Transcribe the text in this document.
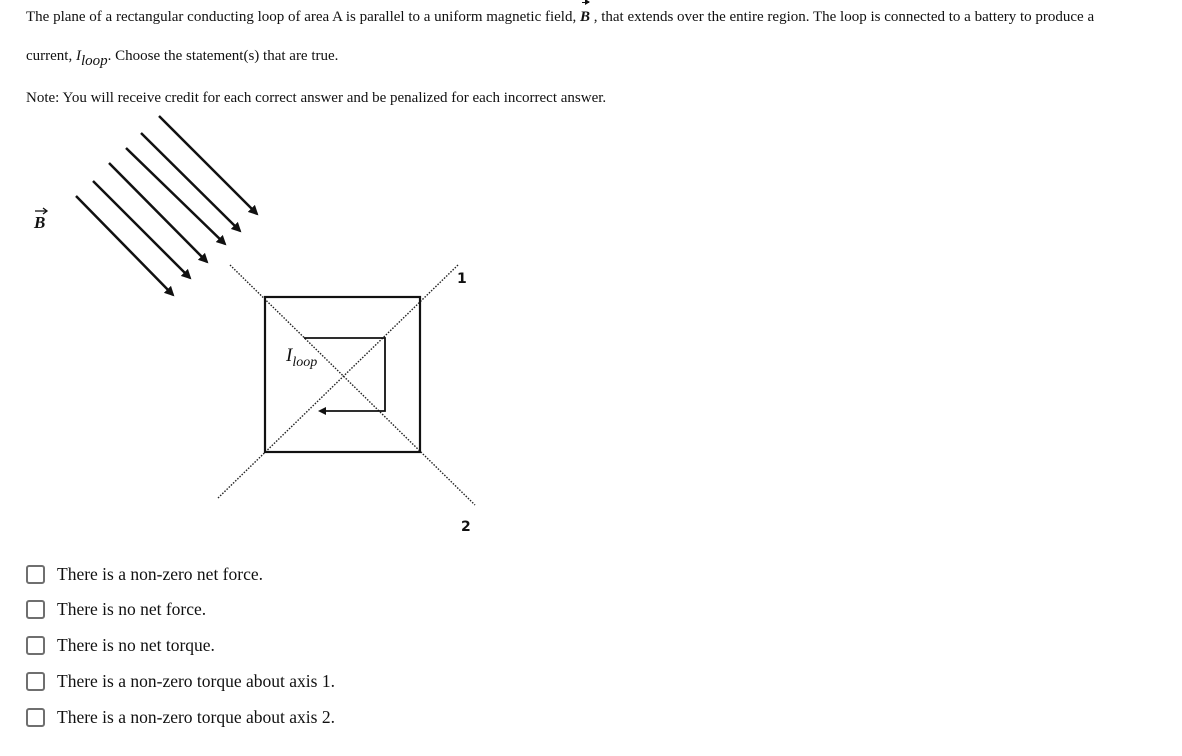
The plane of a rectangular conducting loop of area A is parallel to a uniform magnetic field, B , that extends over the entire region. The loop is connected to a battery to produce a
current, Iloop. Choose the statement(s) that are true.
Note: You will receive credit for each correct answer and be penalized for each incorrect answer.
B
1
2
$I_{loop}$
There is a non-zero net force.
There is no net force.
There is no net torque.
There is a non-zero torque about axis 1.
There is a non-zero torque about axis 2.
